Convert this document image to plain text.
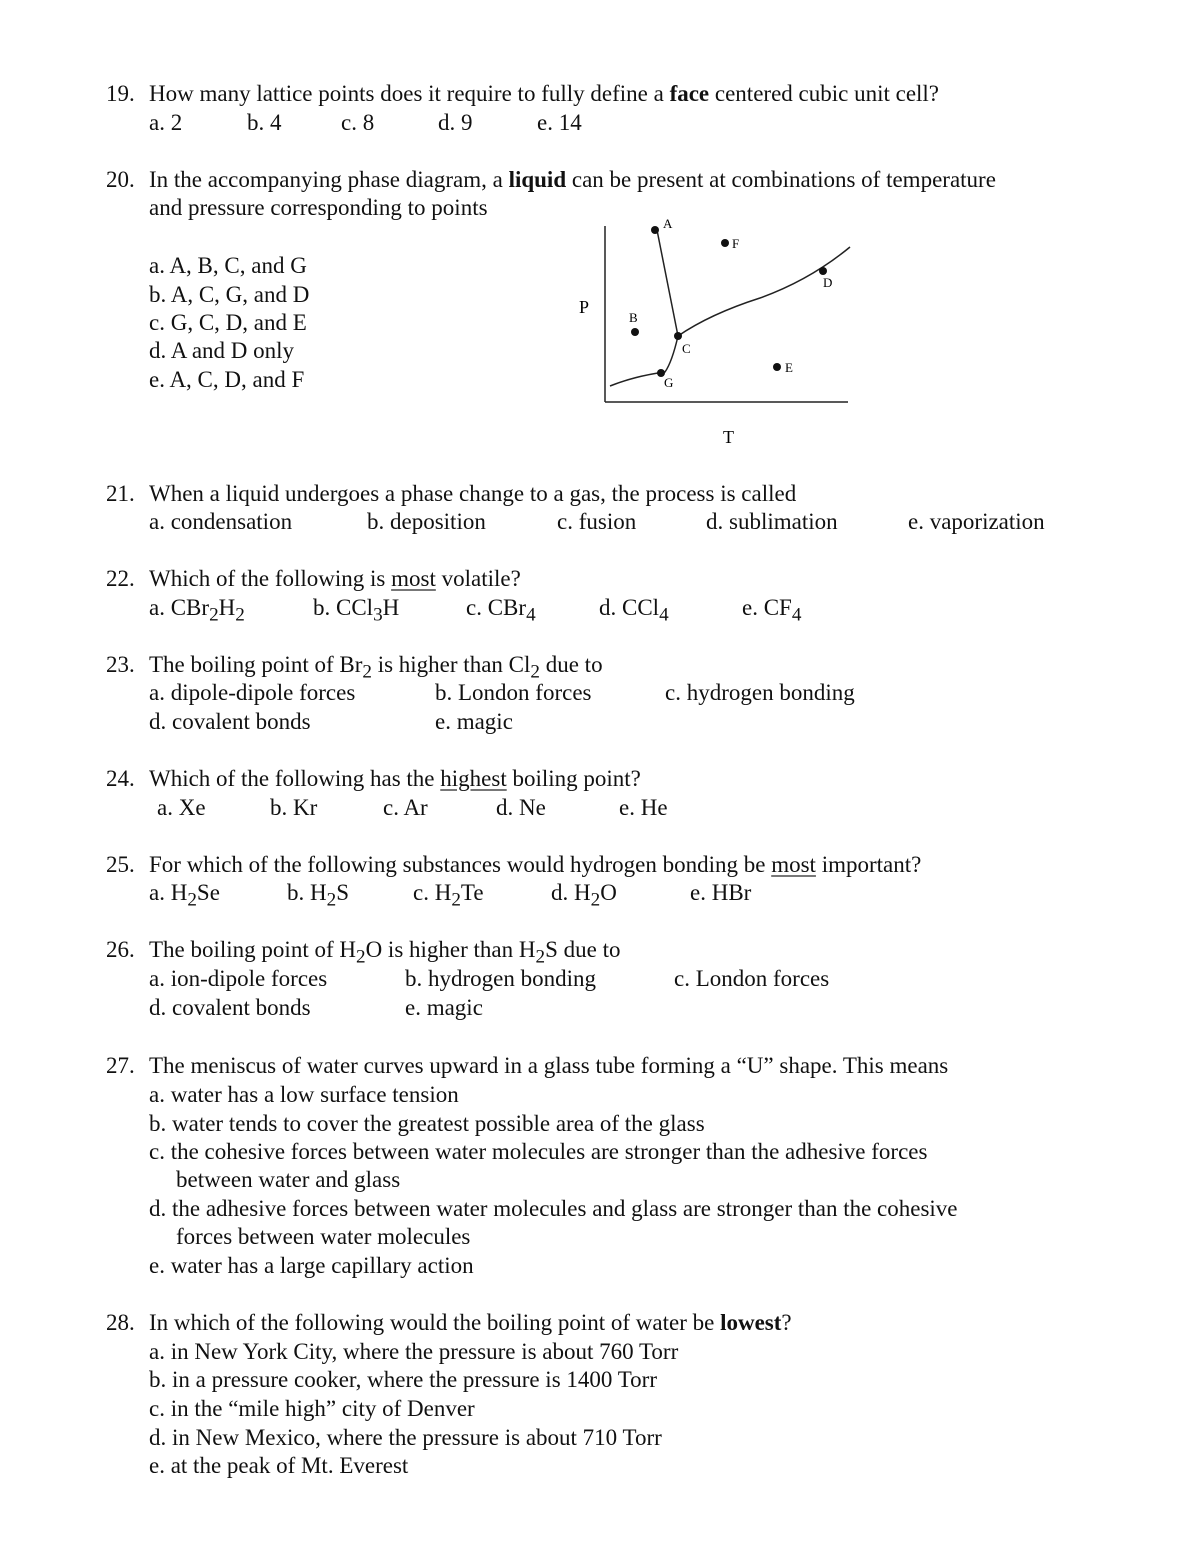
19. How many lattice points does it require to fully define a face centered cubic unit cell?
a. 2	b. 4	c. 8	d. 9	e. 14
20. In the accompanying phase diagram, a liquid can be present at combinations of temperature
and pressure corresponding to points
a. A, B, C, and G
b. A, C, G, and D
c. G, C, D, and E
d. A and D only
e. A, C, D, and F
A
B
C
D
E
F
G
P
T
21. When a liquid undergoes a phase change to a gas, the process is called
a. condensation	b. deposition	c. fusion	d. sublimation	e. vaporization
22. Which of the following is most volatile?
a. $CBr_2H_2$	b. CCl$_3$H	c. CBr$_4$	d. CCl$_4$	e. $CF_4$
23. The boiling point of $Br_2$ is higher than $Cl_2$ due to
a. dipole-dipole forces	b. London forces	c. hydrogen bonding
d. covalent bonds	e. magic
24. Which of the following has the highest boiling point?
a. Xe	b. Kr	c. Ar	d. Ne	e. He
25. For which of the following substances would hydrogen bonding be most important?
a. $H_2Se$	b. $H_2S$	c. $H_2Te$	d. $H_2O$	e. HBr
26. The boiling point of $H_2O$ is higher than $H_2S$ due to
a. ion-dipole forces	b. hydrogen bonding	c. London forces
d. covalent bonds	e. magic
27. The meniscus of water curves upward in a glass tube forming a “U” shape. This means
a. water has a low surface tension
b. water tends to cover the greatest possible area of the glass
c. the cohesive forces between water molecules are stronger than the adhesive forces
between water and glass
d. the adhesive forces between water molecules and glass are stronger than the cohesive
forces between water molecules
e. water has a large capillary action
28. In which of the following would the boiling point of water be lowest?
a. in New York City, where the pressure is about 760 Torr
b. in a pressure cooker, where the pressure is 1400 Torr
c. in the “mile high” city of Denver
d. in New Mexico, where the pressure is about 710 Torr
e. at the peak of Mt. Everest
